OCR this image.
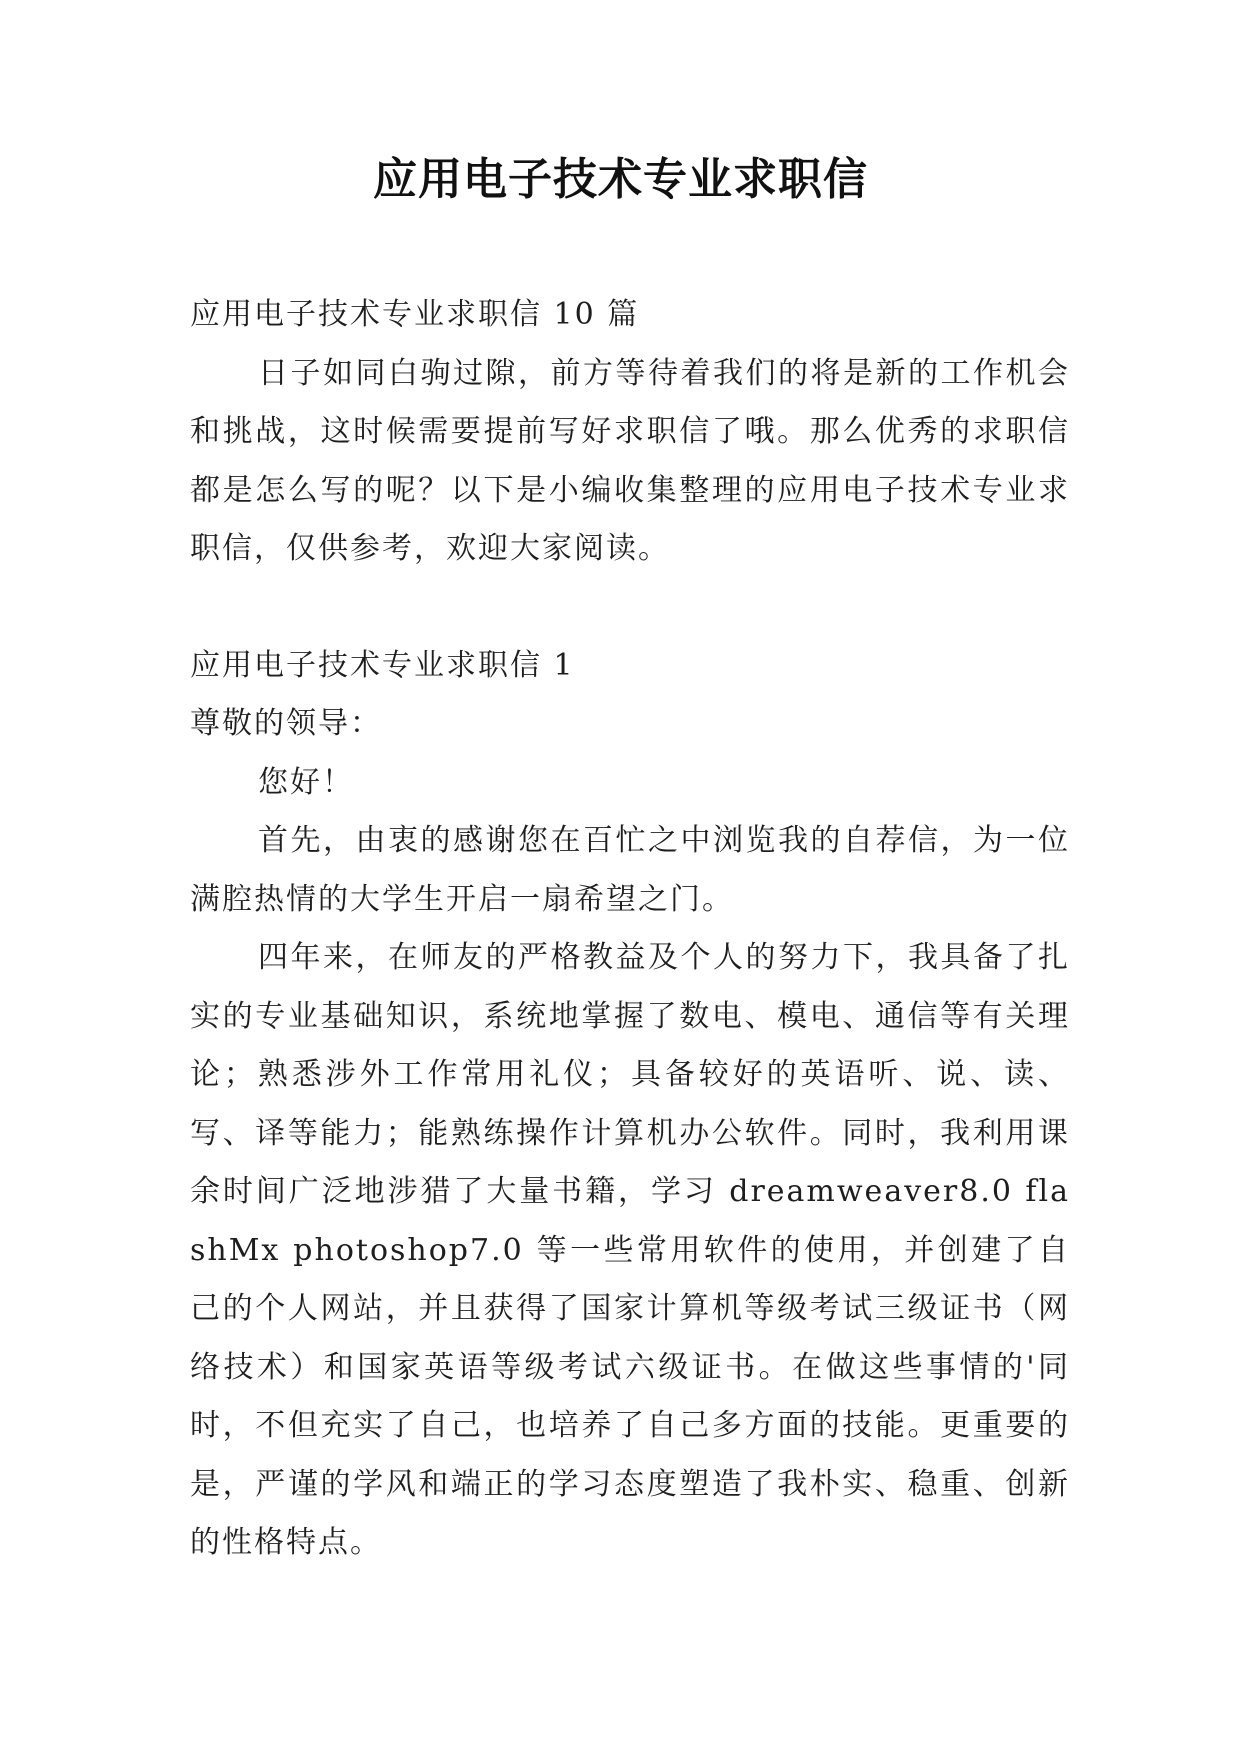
应用电子技术专业求职信

应用电子技术专业求职信 10 篇

日子如同白驹过隙，前方等待着我们的将是新的工作机会和挑战，这时候需要提前写好求职信了哦。那么优秀的求职信都是怎么写的呢？以下是小编收集整理的应用电子技术专业求职信，仅供参考，欢迎大家阅读。

应用电子技术专业求职信 1

尊敬的领导：

您好！

首先，由衷的感谢您在百忙之中浏览我的自荐信，为一位满腔热情的大学生开启一扇希望之门。

四年来，在师友的严格教益及个人的努力下，我具备了扎实的专业基础知识，系统地掌握了数电、模电、通信等有关理论；熟悉涉外工作常用礼仪；具备较好的英语听、说、读、写、译等能力；能熟练操作计算机办公软件。同时，我利用课余时间广泛地涉猎了大量书籍，学习 dreamweaver8.0 flashMx photoshop7.0 等一些常用软件的使用，并创建了自己的个人网站，并且获得了国家计算机等级考试三级证书（网络技术）和国家英语等级考试六级证书。在做这些事情的'同时，不但充实了自己，也培养了自己多方面的技能。更重要的是，严谨的学风和端正的学习态度塑造了我朴实、稳重、创新的性格特点。
